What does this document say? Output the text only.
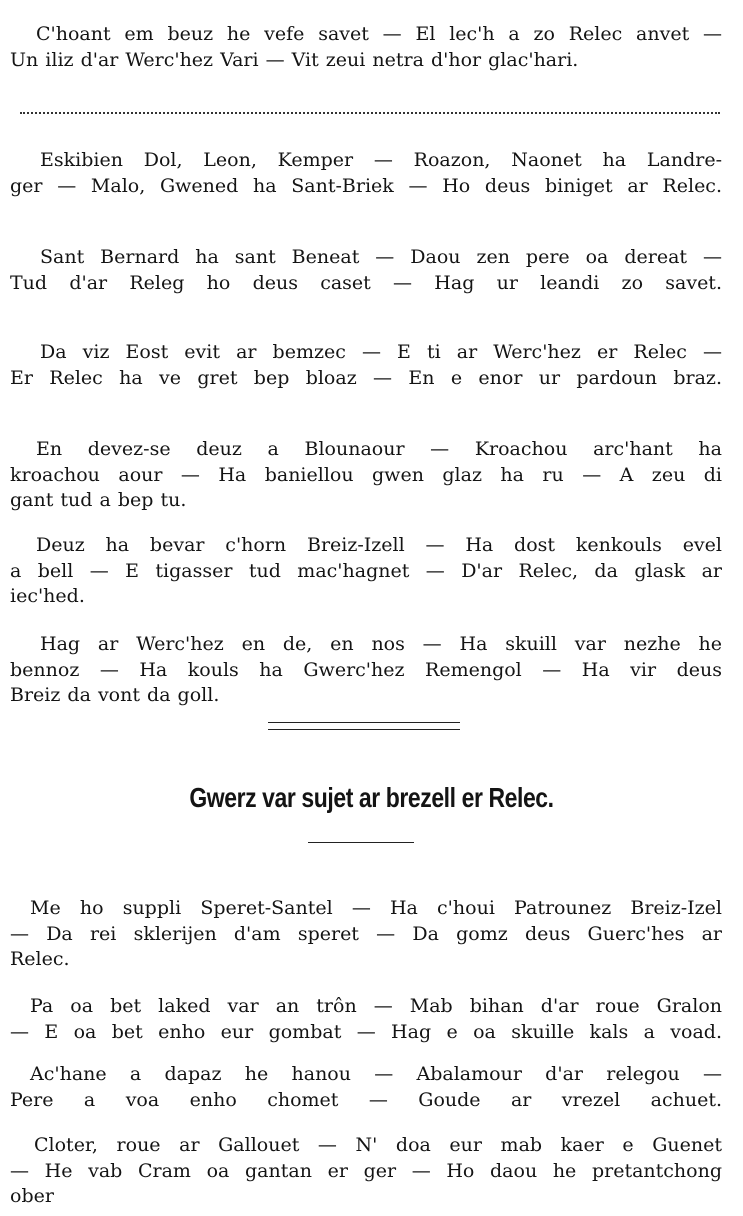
C'hoant em beuz he vefe savet — El lec'h a zo Relec anvet —
Un iliz d'ar Werc'hez Vari — Vit zeui netra d'hor glac'hari.
Eskibien Dol, Leon, Kemper — Roazon, Naonet ha Landre-
ger — Malo, Gwened ha Sant-Briek — Ho deus biniget ar Relec.
Sant Bernard ha sant Beneat — Daou zen pere oa dereat —
Tud d'ar Releg ho deus caset — Hag ur leandi zo savet.
Da viz Eost evit ar bemzec — E ti ar Werc'hez er Relec —
Er Relec ha ve gret bep bloaz — En e enor ur pardoun braz.
En devez-se deuz a Blounaour — Kroachou arc'hant ha
kroachou aour — Ha baniellou gwen glaz ha ru — A zeu di
gant tud a bep tu.
Deuz ha bevar c'horn Breiz-Izell — Ha dost kenkouls evel
a bell — E tigasser tud mac'hagnet — D'ar Relec, da glask ar
iec'hed.
Hag ar Werc'hez en de, en nos — Ha skuill var nezhe he
bennoz — Ha kouls ha Gwerc'hez Remengol — Ha vir deus
Breiz da vont da goll.
Gwerz var sujet ar brezell er Relec.
Me ho suppli Speret-Santel — Ha c'houi Patrounez Breiz-Izel
— Da rei sklerijen d'am speret — Da gomz deus Guerc'hes ar
Relec.
Pa oa bet laked var an trôn — Mab bihan d'ar roue Gralon
— E oa bet enho eur gombat — Hag e oa skuille kals a voad.
Ac'hane a dapaz he hanou — Abalamour d'ar relegou —
Pere a voa enho chomet — Goude ar vrezel achuet.
Cloter, roue ar Gallouet — N' doa eur mab kaer e Guenet
— He vab Cram oa gantan er ger — Ho daou he pretantchong
ober
